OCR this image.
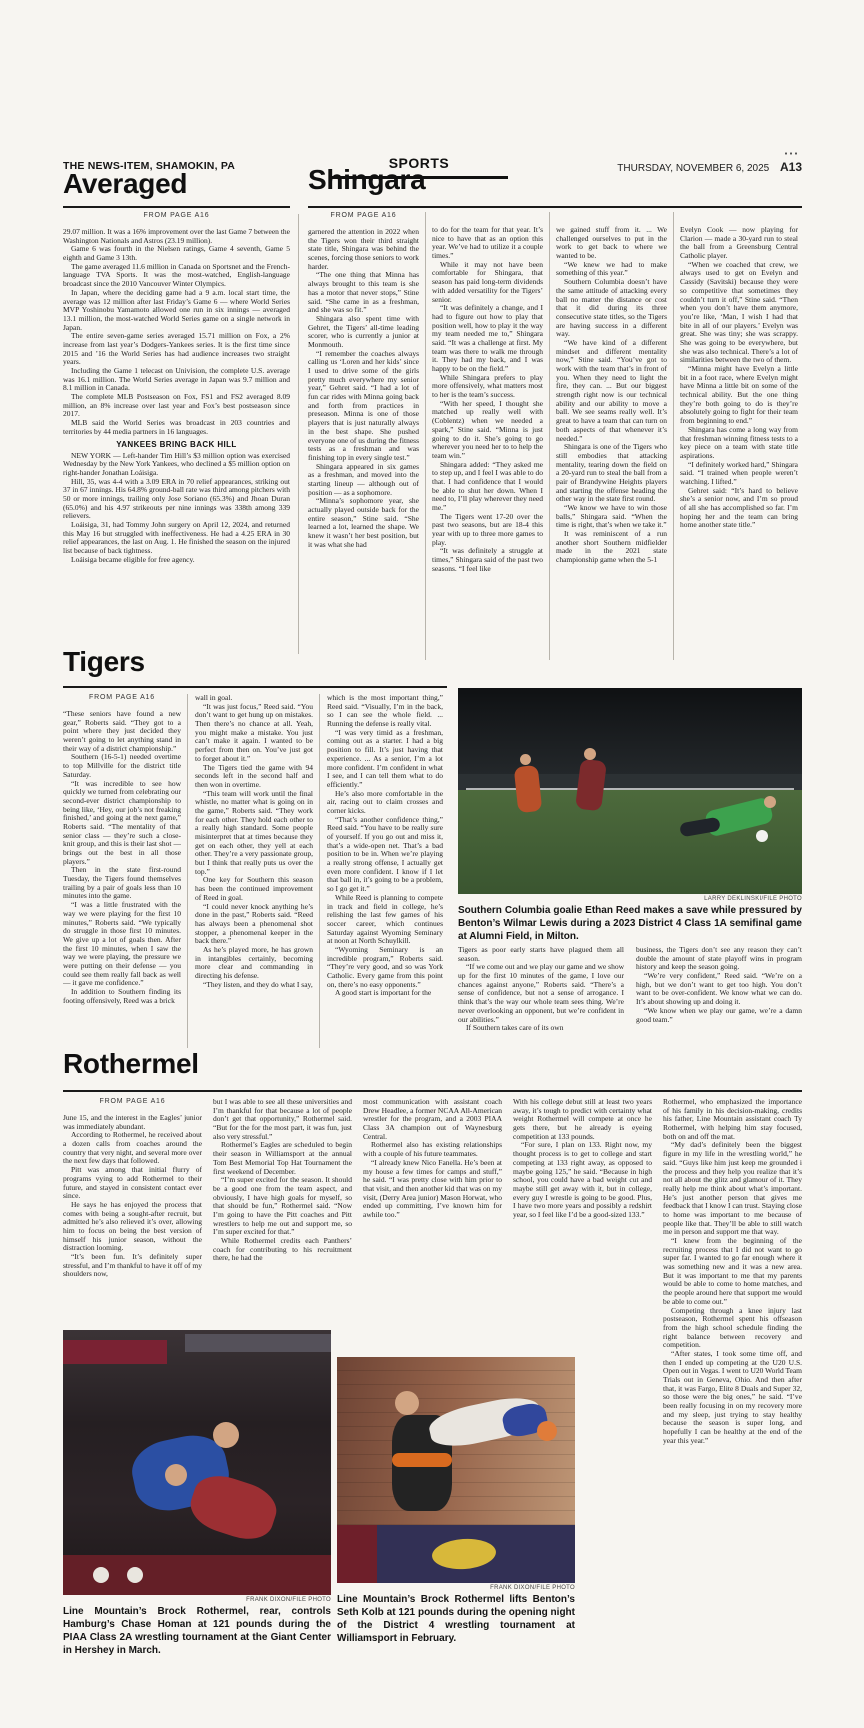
THE NEWS-ITEM, SHAMOKIN, PA	SPORTS	THURSDAY, NOVEMBER 6, 2025 A13
Averaged
FROM PAGE A16

29.07 million. It was a 16% improvement over the last Game 7 between the Washington Nationals and Astros (23.19 million).

Game 6 was fourth in the Nielsen ratings, Game 4 seventh, Game 5 eighth and Game 3 13th.

The game averaged 11.6 million in Canada on Sportsnet and the French-language TVA Sports. It was the most-watched, English-language broadcast since the 2010 Vancouver Winter Olympics.

In Japan, where the deciding game had a 9 a.m. local start time, the average was 12 million after last Friday’s Game 6 — where World Series MVP Yoshinobu Yamamoto allowed one run in six innings — averaged 13.1 million, the most-watched World Series game on a single network in Japan.

The entire seven-game series averaged 15.71 million on Fox, a 2% increase from last year’s Dodgers-Yankees series. It is the first time since 2015 and ’16 the World Series has had audience increases two straight years.

Including the Game 1 telecast on Univision, the complete U.S. average was 16.1 million. The World Series average in Japan was 9.7 million and 8.1 million in Canada.

The complete MLB Postseason on Fox, FS1 and FS2 averaged 8.09 million, an 8% increase over last year and Fox’s best postseason since 2017.

MLB said the World Series was broadcast in 203 countries and territories by 44 media partners in 16 languages.

YANKEES BRING BACK HILL

NEW YORK — Left-hander Tim Hill’s $3 million option was exercised Wednesday by the New York Yankees, who declined a $5 million option on right-hander Jonathan Loáisiga.

Hill, 35, was 4-4 with a 3.09 ERA in 70 relief appearances, striking out 37 in 67 innings. His 64.8% ground-ball rate was third among pitchers with 50 or more innings, trailing only Jose Soriano (65.3%) and Jhoan Duran (65.0%) and his 4.97 strikeouts per nine innings was 338th among 339 relievers.

Loáisiga, 31, had Tommy John surgery on April 12, 2024, and returned this May 16 but struggled with ineffectiveness. He had a 4.25 ERA in 30 relief appearances, the last on Aug. 1. He finished the season on the injured list because of back tightness.

Loáisiga became eligible for free agency.

Shingara
FROM PAGE A16

garnered the attention in 2022 when the Tigers won their third straight state title, Shingara was behind the scenes, forcing those seniors to work harder.

“The one thing that Minna has always brought to this team is she has a motor that never stops,” Stine said. “She came in as a freshman, and she was so fit.”

Shingara also spent time with Gehret, the Tigers’ all-time leading scorer, who is currently a junior at Monmouth.

“I remember the coaches always calling us ‘Loren and her kids’ since I used to drive some of the girls pretty much everywhere my senior year,” Gehret said. “I had a lot of fun car rides with Minna going back and forth from practices in preseason. Minna is one of those players that is just naturally always in the best shape. She pushed everyone one of us during the fitness tests as a freshman and was finishing top in every single test.”

Shingara appeared in six games as a freshman, and moved into the starting lineup — although out of position — as a sophomore.

“Minna’s sophomore year, she actually played outside back for the entire season,” Stine said. “She learned a lot, learned the shape. We knew it wasn’t her best position, but it was what she had

to do for the team for that year. It’s nice to have that as an option this year. We’ve had to utilize it a couple times.”

While it may not have been comfortable for Shingara, that season has paid long-term dividends with added versatility for the Tigers’ senior.

“It was definitely a change, and I had to figure out how to play that position well, how to play it the way my team needed me to,” Shingara said. “It was a challenge at first. My team was there to walk me through it. They had my back, and I was happy to be on the field.”

While Shingara prefers to play more offensively, what matters most to her is the team’s success.

“With her speed, I thought she matched up really well with (Coblentz) when we needed a spark,” Stine said. “Minna is just going to do it. She’s going to go wherever you need her to to help the team win.”

Shingara added: “They asked me to step up, and I feel I was able to do that. I had confidence that I would be able to shut her down. When I need to, I’ll play wherever they need me.”

The Tigers went 17-20 over the past two seasons, but are 18-4 this year with up to three more games to play.

“It was definitely a struggle at times,” Shingara said of the past two seasons. “I feel like

we gained stuff from it. ... We challenged ourselves to put in the work to get back to where we wanted to be.

“We knew we had to make something of this year.”

Southern Columbia doesn’t have the same attitude of attacking every ball no matter the distance or cost that it did during its three consecutive state titles, so the Tigers are having success in a different way.

“We have kind of a different mindset and different mentality now,” Stine said. “You’ve got to work with the team that’s in front of you. When they need to light the fire, they can. ... But our biggest strength right now is our technical ability and our ability to move a ball. We see seams really well. It’s great to have a team that can turn on both aspects of that whenever it’s needed.”

Shingara is one of the Tigers who still embodies that attacking mentality, tearing down the field on a 20-yard run to steal the ball from a pair of Brandywine Heights players and starting the offense heading the other way in the state first round.

“We know we have to win those balls,” Shingara said. “When the time is right, that’s when we take it.”

It was reminiscent of a run another short Southern midfielder made in the 2021 state championship game when the 5-1

Evelyn Cook — now playing for Clarion — made a 30-yard run to steal the ball from a Greensburg Central Catholic player.

“When we coached that crew, we always used to get on Evelyn and Cassidy (Savitski) because they were so competitive that sometimes they couldn’t turn it off,” Stine said. “Then when you don’t have them anymore, you’re like, ‘Man, I wish I had that bite in all of our players.’ Evelyn was great. She was tiny; she was scrappy. She was going to be everywhere, but she was also technical. There’s a lot of similarities between the two of them.

“Minna might have Evelyn a little bit in a foot race, where Evelyn might have Minna a little bit on some of the technical ability. But the one thing they’re both going to do is they’re absolutely going to fight for their team from beginning to end.”

Shingara has come a long way from that freshman winning fitness tests to a key piece on a team with state title aspirations.

“I definitely worked hard,” Shingara said. “I trained when people weren’t watching. I lifted.”

Gehret said: “It’s hard to believe she’s a senior now, and I’m so proud of all she has accomplished so far. I’m hoping her and the team can bring home another state title.”

Tigers
FROM PAGE A16

“These seniors have found a new gear,” Roberts said. “They got to a point where they just decided they weren’t going to let anything stand in their way of a district championship.”

Southern (16-5-1) needed overtime to top Millville for the district title Saturday.

“It was incredible to see how quickly we turned from celebrating our second-ever district championship to being like, ‘Hey, our job’s not freaking finished,’ and going at the next game,” Roberts said. “The mentality of that senior class — they’re such a close-knit group, and this is their last shot — brings out the best in all those players.”

Then in the state first-round Tuesday, the Tigers found themselves trailing by a pair of goals less than 10 minutes into the game.

“I was a little frustrated with the way we were playing for the first 10 minutes,” Roberts said. “We typically do struggle in those first 10 minutes. We give up a lot of goals then. After the first 10 minutes, when I saw the way we were playing, the pressure we were putting on their defense — you could see them really fall back as well — it gave me confidence.”

In addition to Southern finding its footing offensively, Reed was a brick

wall in goal.

“It was just focus,” Reed said. “You don’t want to get hung up on mistakes. Then there’s no chance at all. Yeah, you might make a mistake. You just can’t make it again. I wanted to be perfect from then on. You’ve just got to forget about it.”

The Tigers tied the game with 94 seconds left in the second half and then won in overtime.

“This team will work until the final whistle, no matter what is going on in the game,” Roberts said. “They work for each other. They hold each other to a really high standard. Some people misinterpret that at times because they get on each other, they yell at each other. They’re a very passionate group, but I think that really puts us over the top.”

One key for Southern this season has been the continued improvement of Reed in goal.

“I could never knock anything he’s done in the past,” Roberts said. “Reed has always been a phenomenal shot stopper, a phenomenal keeper in the back there.”

As he’s played more, he has grown in intangibles certainly, becoming more clear and commanding in directing his defense.

“They listen, and they do what I say,

which is the most important thing,” Reed said. “Visually, I’m in the back, so I can see the whole field. ... Running the defense is really vital.

“I was very timid as a freshman, coming out as a starter. I had a big position to fill. It’s just having that experience. ... As a senior, I’m a lot more confident. I’m confident in what I see, and I can tell them what to do efficiently.”

He’s also more comfortable in the air, racing out to claim crosses and corner kicks.

“That’s another confidence thing,” Reed said. “You have to be really sure of yourself. If you go out and miss it, that’s a wide-open net. That’s a bad position to be in. When we’re playing a really strong offense, I actually get even more confident. I know if I let that ball in, it’s going to be a problem, so I go get it.”

While Reed is planning to compete in track and field in college, he’s relishing the last few games of his soccer career, which continues Saturday against Wyoming Seminary at noon at North Schuylkill.

“Wyoming Seminary is an incredible program,” Roberts said. “They’re very good, and so was York Catholic. Every game from this point on, there’s no easy opponents.”

A good start is important for the

LARRY DEKLINSKI/FILE PHOTO
Southern Columbia goalie Ethan Reed makes a save while pressured by Benton’s Wilmar Lewis during a 2023 District 4 Class 1A semifinal game at Alumni Field, in Milton.

Tigers as poor early starts have plagued them all season.

“If we come out and we play our game and we show up for the first 10 minutes of the game, I love our chances against anyone,” Roberts said. “There’s a sense of confidence, but not a sense of arrogance. I think that’s the way our whole team sees thing. We’re never overlooking an opponent, but we’re confident in our abilities.”

If Southern takes care of its own

business, the Tigers don’t see any reason they can’t double the amount of state playoff wins in program history and keep the season going.

“We’re very confident,” Reed said. “We’re on a high, but we don’t want to get too high. You don’t want to be over-confident. We know what we can do. It’s about showing up and doing it.

“We know when we play our game, we’re a damn good team.”

Rothermel
FROM PAGE A16

June 15, and the interest in the Eagles’ junior was immediately abundant.

According to Rothermel, he received about a dozen calls from coaches around the country that very night, and several more over the next few days that followed.

Pitt was among that initial flurry of programs vying to add Rothermel to their future, and stayed in consistent contact ever since.

He says he has enjoyed the process that comes with being a sought-after recruit, but admitted he’s also relieved it’s over, allowing him to focus on being the best version of himself his junior season, without the distraction looming.

“It’s been fun. It’s definitely super stressful, and I’m thankful to have it off of my shoulders now,

but I was able to see all these universities and I’m thankful for that because a lot of people don’t get that opportunity,” Rothermel said. “But for the for the most part, it was fun, just also very stressful.”

Rothermel’s Eagles are scheduled to begin their season in Williamsport at the annual Tom Best Memorial Top Hat Tournament the first weekend of December.

“I’m super excited for the season. It should be a good one from the team aspect, and obviously, I have high goals for myself, so that should be fun,” Rothermel said. “Now I’m going to have the Pitt coaches and Pitt wrestlers to help me out and support me, so I’m super excited for that.”

While Rothermel credits each Panthers’ coach for contributing to his recruitment there, he had the

most communication with assistant coach Drew Headlee, a former NCAA All-American wrestler for the program, and a 2003 PIAA Class 3A champion out of Waynesburg Central.

Rothermel also has existing relationships with a couple of his future teammates.

“I already knew Nico Fanella. He’s been at my house a few times for camps and stuff,” he said. “I was pretty close with him prior to that visit, and then another kid that was on my visit, (Derry Area junior) Mason Horwat, who ended up committing, I’ve known him for awhile too.”

With his college debut still at least two years away, it’s tough to predict with certainty what weight Rothermel will compete at once he gets there, but he already is eyeing competition at 133 pounds.

“For sure, I plan on 133. Right now, my thought process is to get to college and start competing at 133 right away, as opposed to maybe going 125,” he said. “Because in high school, you could have a bad weight cut and maybe still get away with it, but in college, every guy I wrestle is going to be good. Plus, I have two more years and possibly a redshirt year, so I feel like I’d be a good-sized 133.”

Rothermel, who emphasized the importance of his family in his decision-making, credits his father, Line Mountain assistant coach Ty Rothermel, with helping him stay focused, both on and off the mat.

“My dad’s definitely been the biggest figure in my life in the wrestling world,” he said. “Guys like him just keep me grounded i the process and they help you realize that it’s not all about the glitz and glamour of it. They really help me think about what’s important. He’s just another person that gives me feedback that I know I can trust. Staying close to home was important to me because of people like that. They’ll be able to still watch me in person and support me that way.

“I knew from the beginning of the recruiting process that I did not want to go super far. I wanted to go far enough where it was something new and it was a new area. But it was important to me that my parents would be able to come to home matches, and the people around here that support me would be able to come out.”

Competing through a knee injury last postseason, Rothermel spent his offseason from the high school schedule finding the right balance between recovery and competition.

“After states, I took some time off, and then I ended up competing at the U20 U.S. Open out in Vegas. I went to U20 World Team Trials out in Geneva, Ohio. And then after that, it was Fargo, Elite 8 Duals and Super 32, so those were the big ones,” he said. “I’ve been really focusing in on my recovery more and my sleep, just trying to stay healthy because the season is super long, and hopefully I can be healthy at the end of the year this year.”

FRANK DIXON/FILE PHOTO
Line Mountain’s Brock Rothermel, rear, controls Hamburg’s Chase Homan at 121 pounds during the PIAA Class 2A wrestling tournament at the Giant Center in Hershey in March.
FRANK DIXON/FILE PHOTO
Line Mountain’s Brock Rothermel lifts Benton’s Seth Kolb at 121 pounds during the opening night of the District 4 wrestling tournament at Williamsport in February.
